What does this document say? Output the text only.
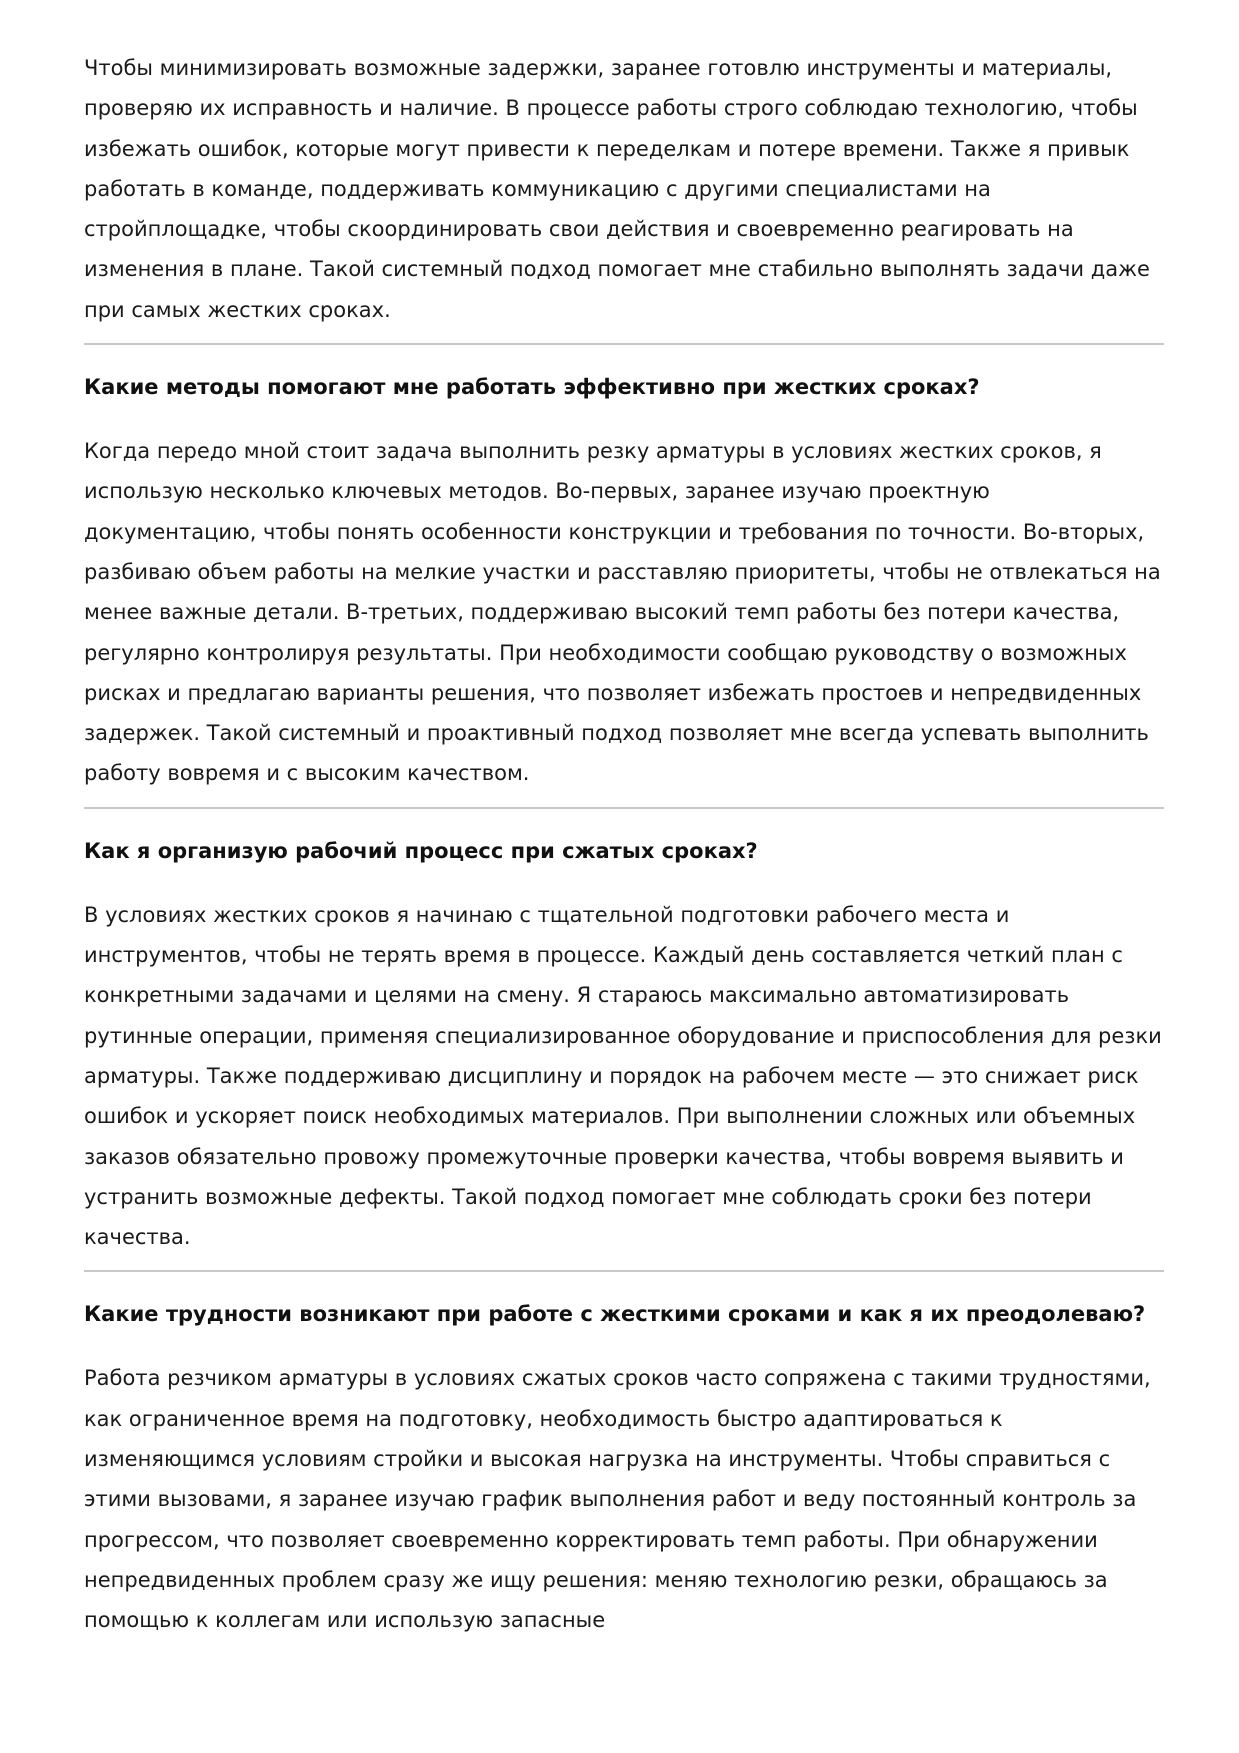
Чтобы минимизировать возможные задержки, заранее готовлю инструменты и материалы, проверяю их исправность и наличие. В процессе работы строго соблюдаю технологию, чтобы избежать ошибок, которые могут привести к переделкам и потере времени. Также я привык работать в команде, поддерживать коммуникацию с другими специалистами на стройплощадке, чтобы скоординировать свои действия и своевременно реагировать на изменения в плане. Такой системный подход помогает мне стабильно выполнять задачи даже при самых жестких сроках.

Какие методы помогают мне работать эффективно при жестких сроках?

Когда передо мной стоит задача выполнить резку арматуры в условиях жестких сроков, я использую несколько ключевых методов. Во-первых, заранее изучаю проектную документацию, чтобы понять особенности конструкции и требования по точности. Во-вторых, разбиваю объем работы на мелкие участки и расставляю приоритеты, чтобы не отвлекаться на менее важные детали. В-третьих, поддерживаю высокий темп работы без потери качества, регулярно контролируя результаты. При необходимости сообщаю руководству о возможных рисках и предлагаю варианты решения, что позволяет избежать простоев и непредвиденных задержек. Такой системный и проактивный подход позволяет мне всегда успевать выполнить работу вовремя и с высоким качеством.

Как я организую рабочий процесс при сжатых сроках?

В условиях жестких сроков я начинаю с тщательной подготовки рабочего места и инструментов, чтобы не терять время в процессе. Каждый день составляется четкий план с конкретными задачами и целями на смену. Я стараюсь максимально автоматизировать рутинные операции, применяя специализированное оборудование и приспособления для резки арматуры. Также поддерживаю дисциплину и порядок на рабочем месте — это снижает риск ошибок и ускоряет поиск необходимых материалов. При выполнении сложных или объемных заказов обязательно провожу промежуточные проверки качества, чтобы вовремя выявить и устранить возможные дефекты. Такой подход помогает мне соблюдать сроки без потери качества.

Какие трудности возникают при работе с жесткими сроками и как я их преодолеваю?

Работа резчиком арматуры в условиях сжатых сроков часто сопряжена с такими трудностями, как ограниченное время на подготовку, необходимость быстро адаптироваться к изменяющимся условиям стройки и высокая нагрузка на инструменты. Чтобы справиться с этими вызовами, я заранее изучаю график выполнения работ и веду постоянный контроль за прогрессом, что позволяет своевременно корректировать темп работы. При обнаружении непредвиденных проблем сразу же ищу решения: меняю технологию резки, обращаюсь за помощью к коллегам или использую запасные
